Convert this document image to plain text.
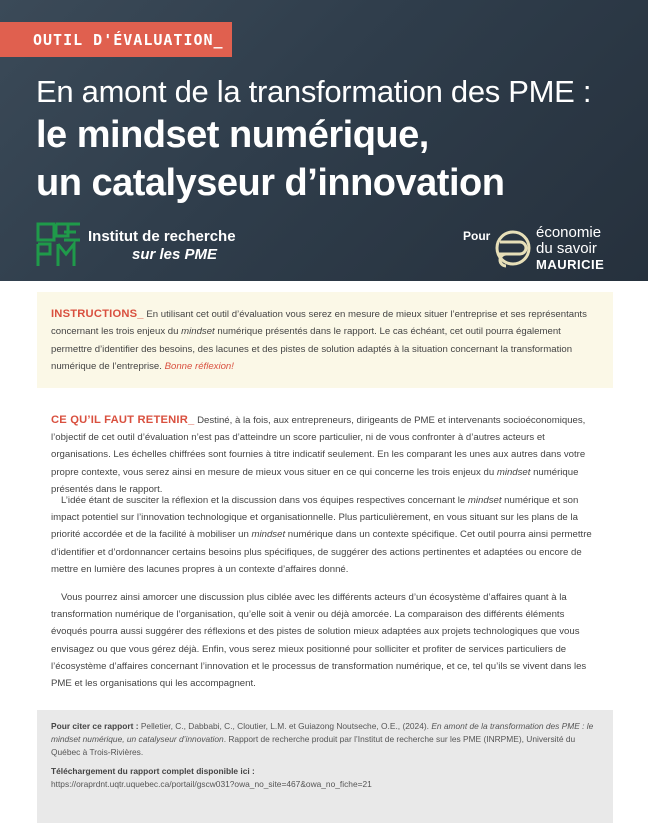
OUTIL D'ÉVALUATION_
En amont de la transformation des PME :
le mindset numérique,
un catalyseur d’innovation
Institut de recherche
sur les PME
Pour	économie
du savoir
MAURICIE
INSTRUCTIONS_ En utilisant cet outil d’évaluation vous serez en mesure de mieux situer l’entreprise et ses représentants concernant les trois enjeux du mindset numérique présentés dans le rapport. Le cas échéant, cet outil pourra également permettre d’identifier des besoins, des lacunes et des pistes de solution adaptés à la situation concernant la transformation numérique de l’entreprise. Bonne réflexion!

CE QU’IL FAUT RETENIR_ Destiné, à la fois, aux entrepreneurs, dirigeants de PME et intervenants socioéconomiques, l’objectif de cet outil d’évaluation n’est pas d’atteindre un score particulier, ni de vous confronter à d’autres acteurs et organisations. Les échelles chiffrées sont fournies à titre indicatif seulement. En les comparant les unes aux autres dans votre propre contexte, vous serez ainsi en mesure de mieux vous situer en ce qui concerne les trois enjeux du mindset numérique présentés dans le rapport.

L’idée étant de susciter la réflexion et la discussion dans vos équipes respectives concernant le mindset numérique et son impact potentiel sur l’innovation technologique et organisationnelle. Plus particulièrement, en vous situant sur les plans de la priorité accordée et de la facilité à mobiliser un mindset numérique dans un contexte spécifique. Cet outil pourra ainsi permettre d’identifier et d’ordonnancer certains besoins plus spécifiques, de suggérer des actions pertinentes et adaptées ou encore de mettre en lumière des lacunes propres à un contexte d’affaires donné.

Vous pourrez ainsi amorcer une discussion plus ciblée avec les différents acteurs d’un écosystème d’affaires quant à la transformation numérique de l’organisation, qu’elle soit à venir ou déjà amorcée. La comparaison des différents éléments évoqués pourra aussi suggérer des réflexions et des pistes de solution mieux adaptées aux projets technologiques que vous envisagez ou que vous gérez déjà. Enfin, vous serez mieux positionné pour solliciter et profiter de services particuliers de l’écosystème d’affaires concernant l’innovation et le processus de transformation numérique, et ce, tel qu’ils se vivent dans les PME et les organisations qui les accompagnent.

Pour citer ce rapport : Pelletier, C., Dabbabi, C., Cloutier, L.M. et Guiazong Noutseche, O.E., (2024). En amont de la transformation des PME : le mindset numérique, un catalyseur d’innovation. Rapport de recherche produit par l’Institut de recherche sur les PME (INRPME), Université du Québec à Trois-Rivières.
Téléchargement du rapport complet disponible ici :
https://oraprdnt.uqtr.uquebec.ca/portail/gscw031?owa_no_site=467&owa_no_fiche=21
